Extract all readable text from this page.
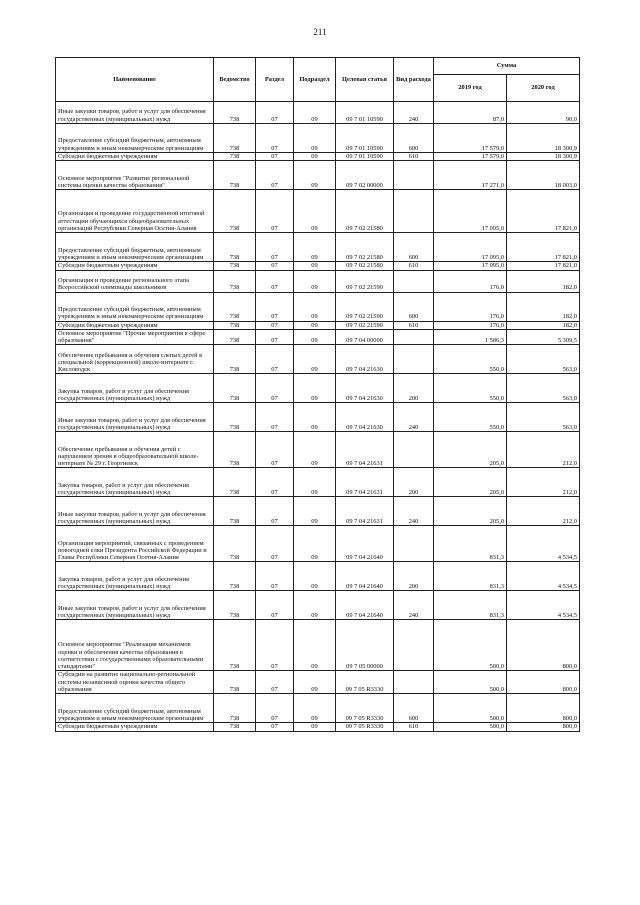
211
Наименование	Ведомство	Раздел	Подраздел	Целевая статья	Вид расхода	Сумма	
						2019 год	2020 год
Иные закупки товаров, работ и услуг для обеспечения государственных (муниципальных) нужд	738	07	09	09 7 01 10590	240	87,0	90,0
Предоставление субсидий бюджетным, автономным учреждениям и иным некоммерческим организациям	738	07	09	09 7 01 10590	600	17 579,0	18 300,9
Субсидии бюджетным учреждениям	738	07	09	09 7 01 10590	610	17 579,0	18 300,9
Основное мероприятие "Развитие региональной системы оценки качества образования"	738	07	09	09 7 02 00000		17 271,0	18 003,0
Организация и проведение государственной итоговой аттестации обучающихся общеобразовательных организаций Республики Северная Осетия-Алания	738	07	09	09 7 02 21580		17 095,0	17 821,0
Предоставление субсидий бюджетным, автономным учреждениям и иным некоммерческим организациям	738	07	09	09 7 02 21580	600	17 095,0	17 821,0
Субсидии бюджетным учреждениям	738	07	09	09 7 02 21580	610	17 095,0	17 821,0
Организация и проведение регионального этапа Всероссийской олимпиады школьников	738	07	09	09 7 02 21590		176,0	182,0
Предоставление субсидий бюджетным, автономным учреждениям и иным некоммерческим организациям	738	07	09	09 7 02 21590	600	176,0	182,0
Субсидии бюджетным учреждениям	738	07	09	09 7 02 21590	610	176,0	182,0
Основное мероприятие "Прочие мероприятия в сфере образования"	738	07	09	09 7 04 00000		1 586,3	5 309,5
Обеспечение пребывания и обучения слепых детей в специальной (коррекционной) школе-интернате г. Кисловодск	738	07	09	09 7 04 21630		550,0	563,0
Закупка товаров, работ и услуг для обеспечения государственных (муниципальных) нужд	738	07	09	09 7 04 21630	200	550,0	563,0
Иные закупки товаров, работ и услуг для обеспечения государственных (муниципальных) нужд	738	07	09	09 7 04 21630	240	550,0	563,0
Обеспечение пребывания и обучения детей с нарушением зрения в общеобразовательной школе-интернате № 29 г. Георгиевск	738	07	09	09 7 04 21631		205,0	212,0
Закупка товаров, работ и услуг для обеспечения государственных (муниципальных) нужд	738	07	09	09 7 04 21631	200	205,0	212,0
Иные закупки товаров, работ и услуг для обеспечения государственных (муниципальных) нужд	738	07	09	09 7 04 21631	240	205,0	212,0
Организация мероприятий, связанных с проведением новогодней елки Президента Российской Федерации и Главы Республики Северная Осетия-Алания	738	07	09	09 7 04 21640		831,3	4 534,5
Закупка товаров, работ и услуг для обеспечения государственных (муниципальных) нужд	738	07	09	09 7 04 21640	200	831,3	4 534,5
Иные закупки товаров, работ и услуг для обеспечения государственных (муниципальных) нужд	738	07	09	09 7 04 21640	240	831,3	4 534,5
Основное мероприятие "Реализация механизмов оценки и обеспечения качества образования в соответствии с государственными образовательными стандартами"	738	07	09	09 7 05 00000		500,0	800,0
Субсидии на развитие национально-региональной системы независимой оценки качества общего образования	738	07	09	09 7 05 R3330		500,0	800,0
Предоставление субсидий бюджетным, автономным учреждениям и иным некоммерческим организациям	738	07	09	09 7 05 R3330	600	500,0	800,0
Субсидии бюджетным учреждениям	738	07	09	09 7 05 R3330	610	500,0	800,0
